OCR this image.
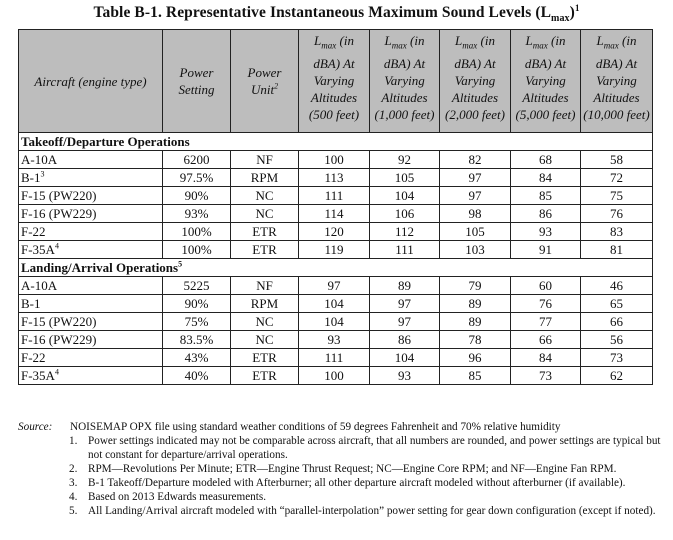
Table B-1. Representative Instantaneous Maximum Sound Levels $(L_{max})^1$
Aircraft (engine type)	Power Setting	Power Unit$^2$	$L_{max}$ (in dBA) At Varying Altitudes (500 feet)	$L_{max}$ (in dBA) At Varying Altitudes (1,000 feet)	$L_{max}$ (in dBA) At Varying Altitudes (2,000 feet)	$L_{max}$ (in dBA) At Varying Altitudes (5,000 feet)	$L_{max}$ (in dBA) At Varying Altitudes (10,000 feet)
Takeoff/Departure Operations							
A-10A	6200	NF	100	92	82	68	58
$B-1^3$	97.5%	RPM	113	105	97	84	72
F-15 (PW220)	90%	NC	111	104	97	85	75
F-16 (PW229)	93%	NC	114	106	98	86	76
F-22	100%	ETR	120	112	105	93	83
$F-35A^4$	100%	ETR	119	111	103	91	81
Landing/Arrival Operations$^5$
A-10A	5225	NF	97	89	79	60	46
B-1	90%	RPM	104	97	89	76	65
F-15 (PW220)	75%	NC	104	97	89	77	66
F-16 (PW229)	83.5%	NC	93	86	78	66	56
F-22	43%	ETR	111	104	96	84	73
$F-35A^4$	40%	ETR	100	93	85	73	62
Source: NOISEMAP OPX file using standard weather conditions of 59 degrees Fahrenheit and 70% relative humidity
1. Power settings indicated may not be comparable across aircraft, that all numbers are rounded, and power settings are typical but not constant for departure/arrival operations.
2. RPM—Revolutions Per Minute; ETR—Engine Thrust Request; NC—Engine Core RPM; and NF—Engine Fan RPM.
3. B-1 Takeoff/Departure modeled with Afterburner; all other departure aircraft modeled without afterburner (if available).
4. Based on 2013 Edwards measurements.
5. All Landing/Arrival aircraft modeled with “parallel-interpolation” power setting for gear down configuration (except if noted).
